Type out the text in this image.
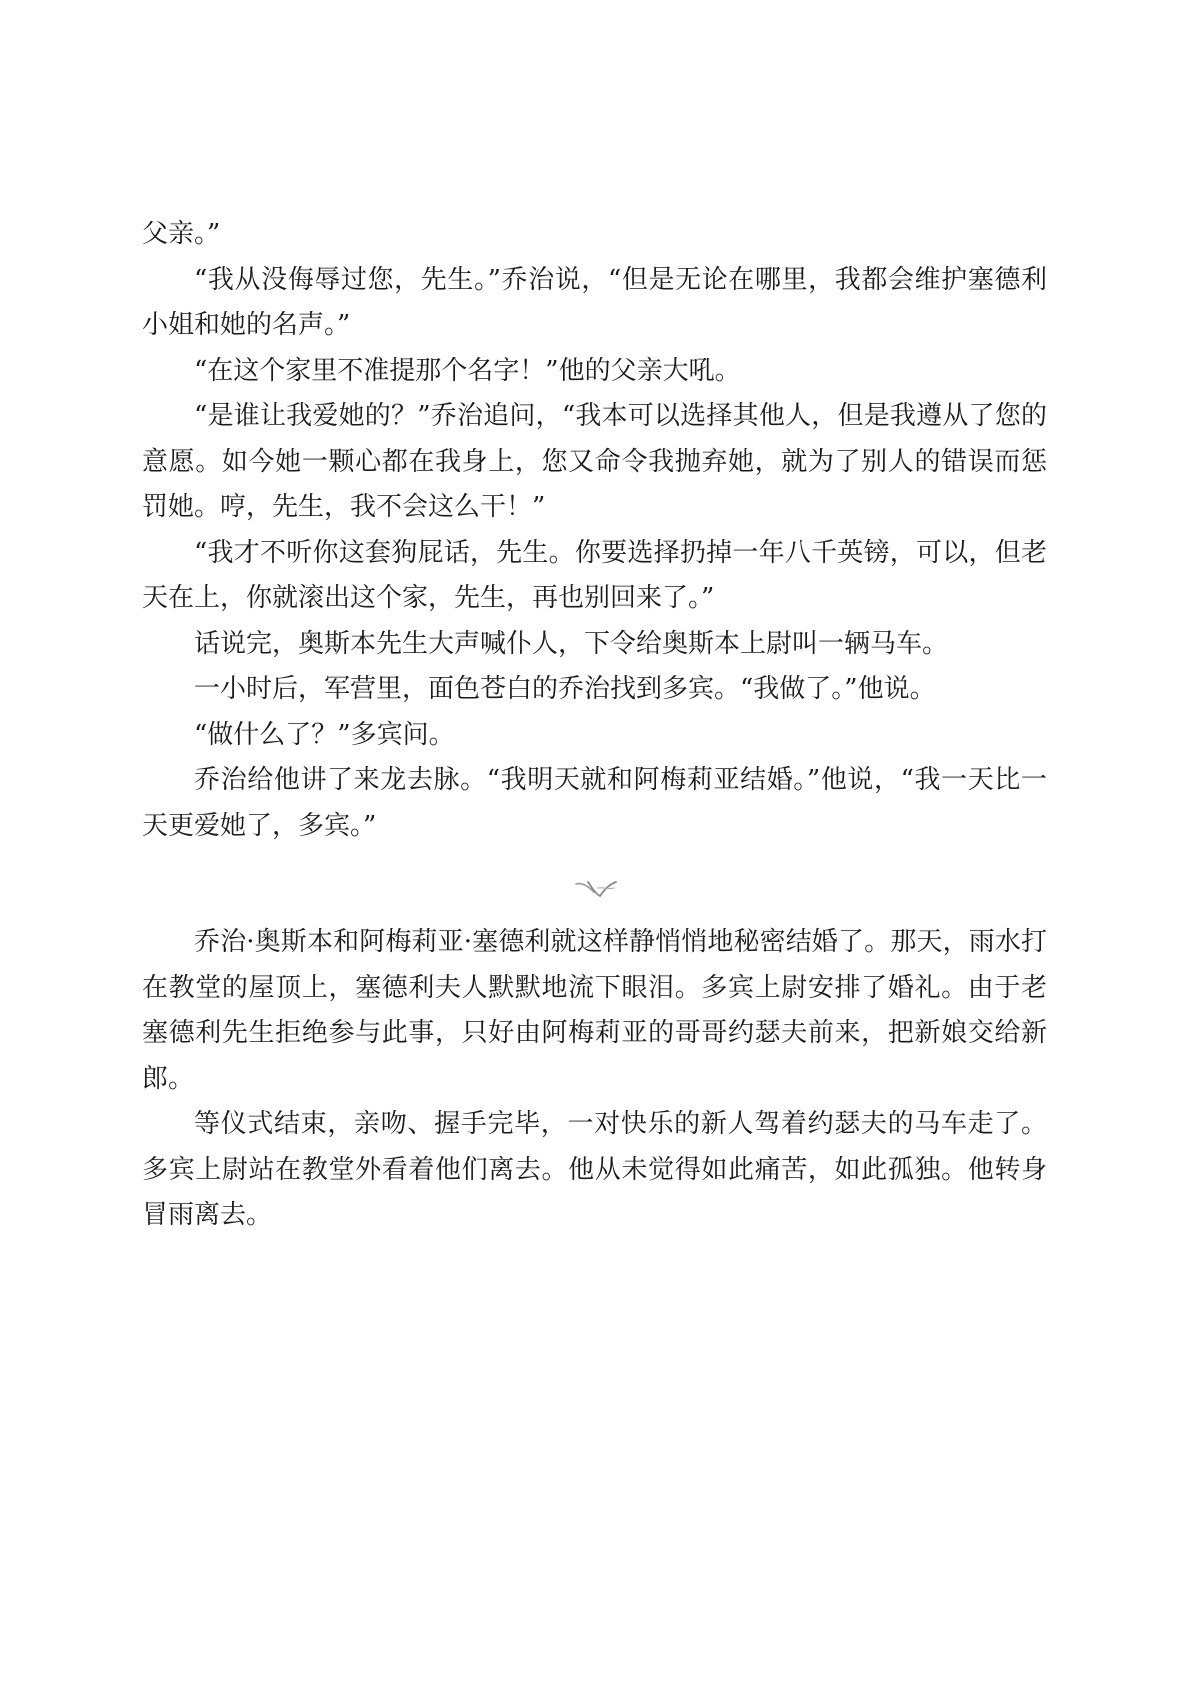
父亲。”

“我从没侮辱过您，先生。”乔治说，“但是无论在哪里，我都会维护塞德利小姐和她的名声。”

“在这个家里不准提那个名字！”他的父亲大吼。

“是谁让我爱她的？”乔治追问，“我本可以选择其他人，但是我遵从了您的意愿。如今她一颗心都在我身上，您又命令我抛弃她，就为了别人的错误而惩罚她。哼，先生，我不会这么干！”

“我才不听你这套狗屁话，先生。你要选择扔掉一年八千英镑，可以，但老天在上，你就滚出这个家，先生，再也别回来了。”

话说完，奥斯本先生大声喊仆人，下令给奥斯本上尉叫一辆马车。

一小时后，军营里，面色苍白的乔治找到多宾。“我做了。”他说。

“做什么了？”多宾问。

乔治给他讲了来龙去脉。“我明天就和阿梅莉亚结婚。”他说，“我一天比一天更爱她了，多宾。”

乔治·奥斯本和阿梅莉亚·塞德利就这样静悄悄地秘密结婚了。那天，雨水打在教堂的屋顶上，塞德利夫人默默地流下眼泪。多宾上尉安排了婚礼。由于老塞德利先生拒绝参与此事，只好由阿梅莉亚的哥哥约瑟夫前来，把新娘交给新郎。

等仪式结束，亲吻、握手完毕，一对快乐的新人驾着约瑟夫的马车走了。多宾上尉站在教堂外看着他们离去。他从未觉得如此痛苦，如此孤独。他转身冒雨离去。
